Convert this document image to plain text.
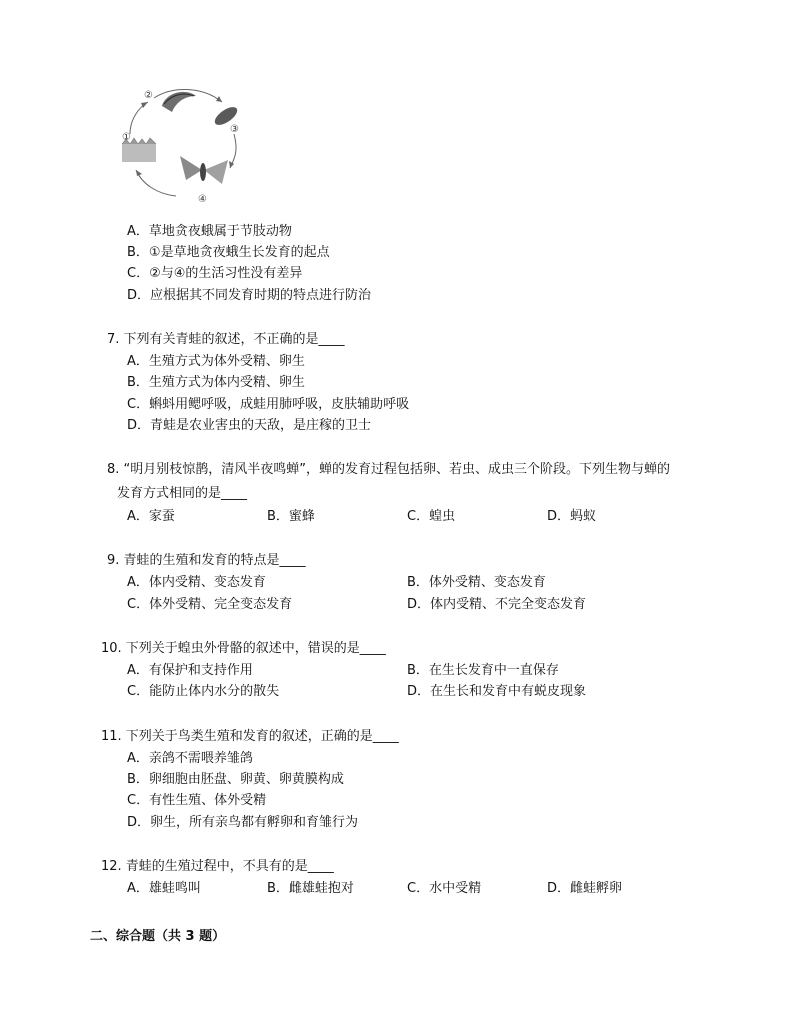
①
②
③
④
A．草地贪夜蛾属于节肢动物
B．①是草地贪夜蛾生长发育的起点
C．②与④的生活习性没有差异
D．应根据其不同发育时期的特点进行防治
7. 下列有关青蛙的叙述，不正确的是____
A．生殖方式为体外受精、卵生
B．生殖方式为体内受精、卵生
C．蝌蚪用鳃呼吸，成蛙用肺呼吸，皮肤辅助呼吸
D．青蛙是农业害虫的天敌，是庄稼的卫士
8. “明月别枝惊鹊，清风半夜鸣蝉”，蝉的发育过程包括卵、若虫、成虫三个阶段。下列生物与蝉的
发育方式相同的是____
A．家蚕	B．蜜蜂	C．蝗虫	D．蚂蚁
9. 青蛙的生殖和发育的特点是____
A．体内受精、变态发育	B．体外受精、变态发育
C．体外受精、完全变态发育	D．体内受精、不完全变态发育
10. 下列关于蝗虫外骨骼的叙述中，错误的是____
A．有保护和支持作用	B．在生长发育中一直保存
C．能防止体内水分的散失	D．在生长和发育中有蜕皮现象
11. 下列关于鸟类生殖和发育的叙述，正确的是____
A．亲鸽不需喂养雏鸽
B．卵细胞由胚盘、卵黄、卵黄膜构成
C．有性生殖、体外受精
D．卵生，所有亲鸟都有孵卵和育雏行为
12. 青蛙的生殖过程中，不具有的是____
A．雄蛙鸣叫	B．雌雄蛙抱对	C．水中受精	D．雌蛙孵卵
二、综合题（共 3 题）
